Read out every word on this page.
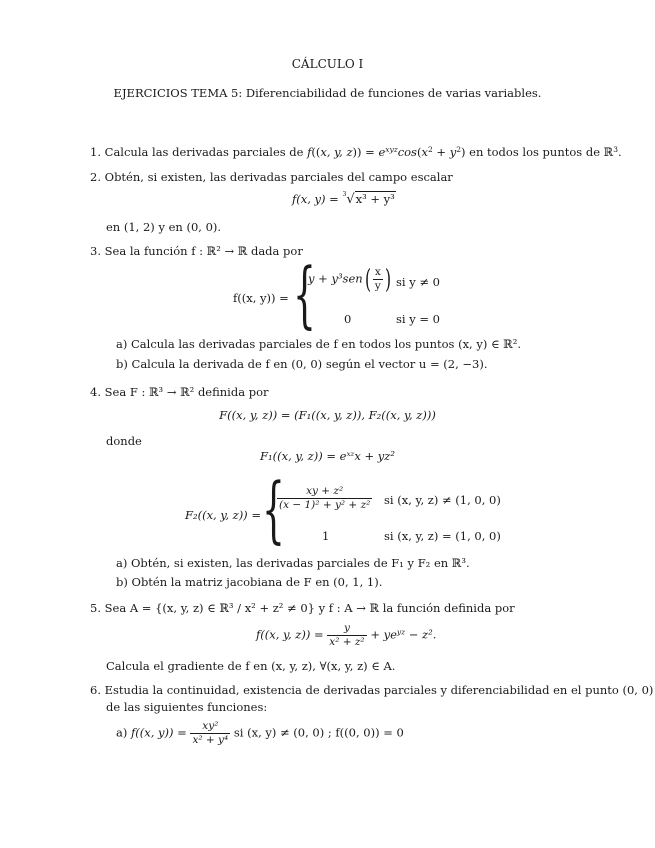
CÁLCULO I
EJERCICIOS TEMA 5: Diferenciabilidad de funciones de varias variables.
1. Calcula las derivadas parciales de f((x, y, $z)) = e^{xyz}\cos(x^2 + y^2)$ en todos los puntos de ℝ$^3$.
2. Obtén, si existen, las derivadas parciales del campo escalar
f(x, y) = $^3$√x³ + y³
en (1, 2) y en (0, 0).
3. Sea la función f : ℝ² → ℝ dada por
f((x, y)) = {
$y + y^3sen( \frac{x}{y}$ ) si y ≠ 0
0	si y = 0
a) Calcula las derivadas parciales de f en todos los puntos (x, y) ∈ ℝ².
b) Calcula la derivada de f en (0, 0) según el vector u = (2, −3).
4. Sea F : ℝ³ → ℝ² definida por
F((x, y, z)) = (F₁((x, y, z)), F₂((x, y, z)))
donde
F₁((x, y, z)) = eˣᶻx + yz²
F₂((x, y, z)) = {
$\frac{\text{xy + z²}}{\text{(x − 1)² + y² + z²}}$ si (x, y, z) ≠ (1, 0, 0)
1	si (x, y, z) = (1, 0, 0)
a) Obtén, si existen, las derivadas parciales de F₁ y F₂ en ℝ³.
b) Obtén la matriz jacobiana de F en (0, 1, 1).
5. Sea A = {(x, y, z) ∈ ℝ³ / x² + z² ≠ 0} y f : A → ℝ la función definida por
f((x, y, $z)) = \frac{y}{\text{x² + z²}} + ye^{yz} - z^2$.
Calcula el gradiente de f en (x, y, z), ∀(x, y, z) ∈ A.
6. Estudia la continuidad, existencia de derivadas parciales y diferenciabilidad en el punto (0, 0)
de las siguientes funciones:
a) f((x, $y)) = \frac{\text{xy²}}{\text{x² + y⁴}}$ si (x, y) ≠ (0, 0) ; f((0, 0)) = 0
